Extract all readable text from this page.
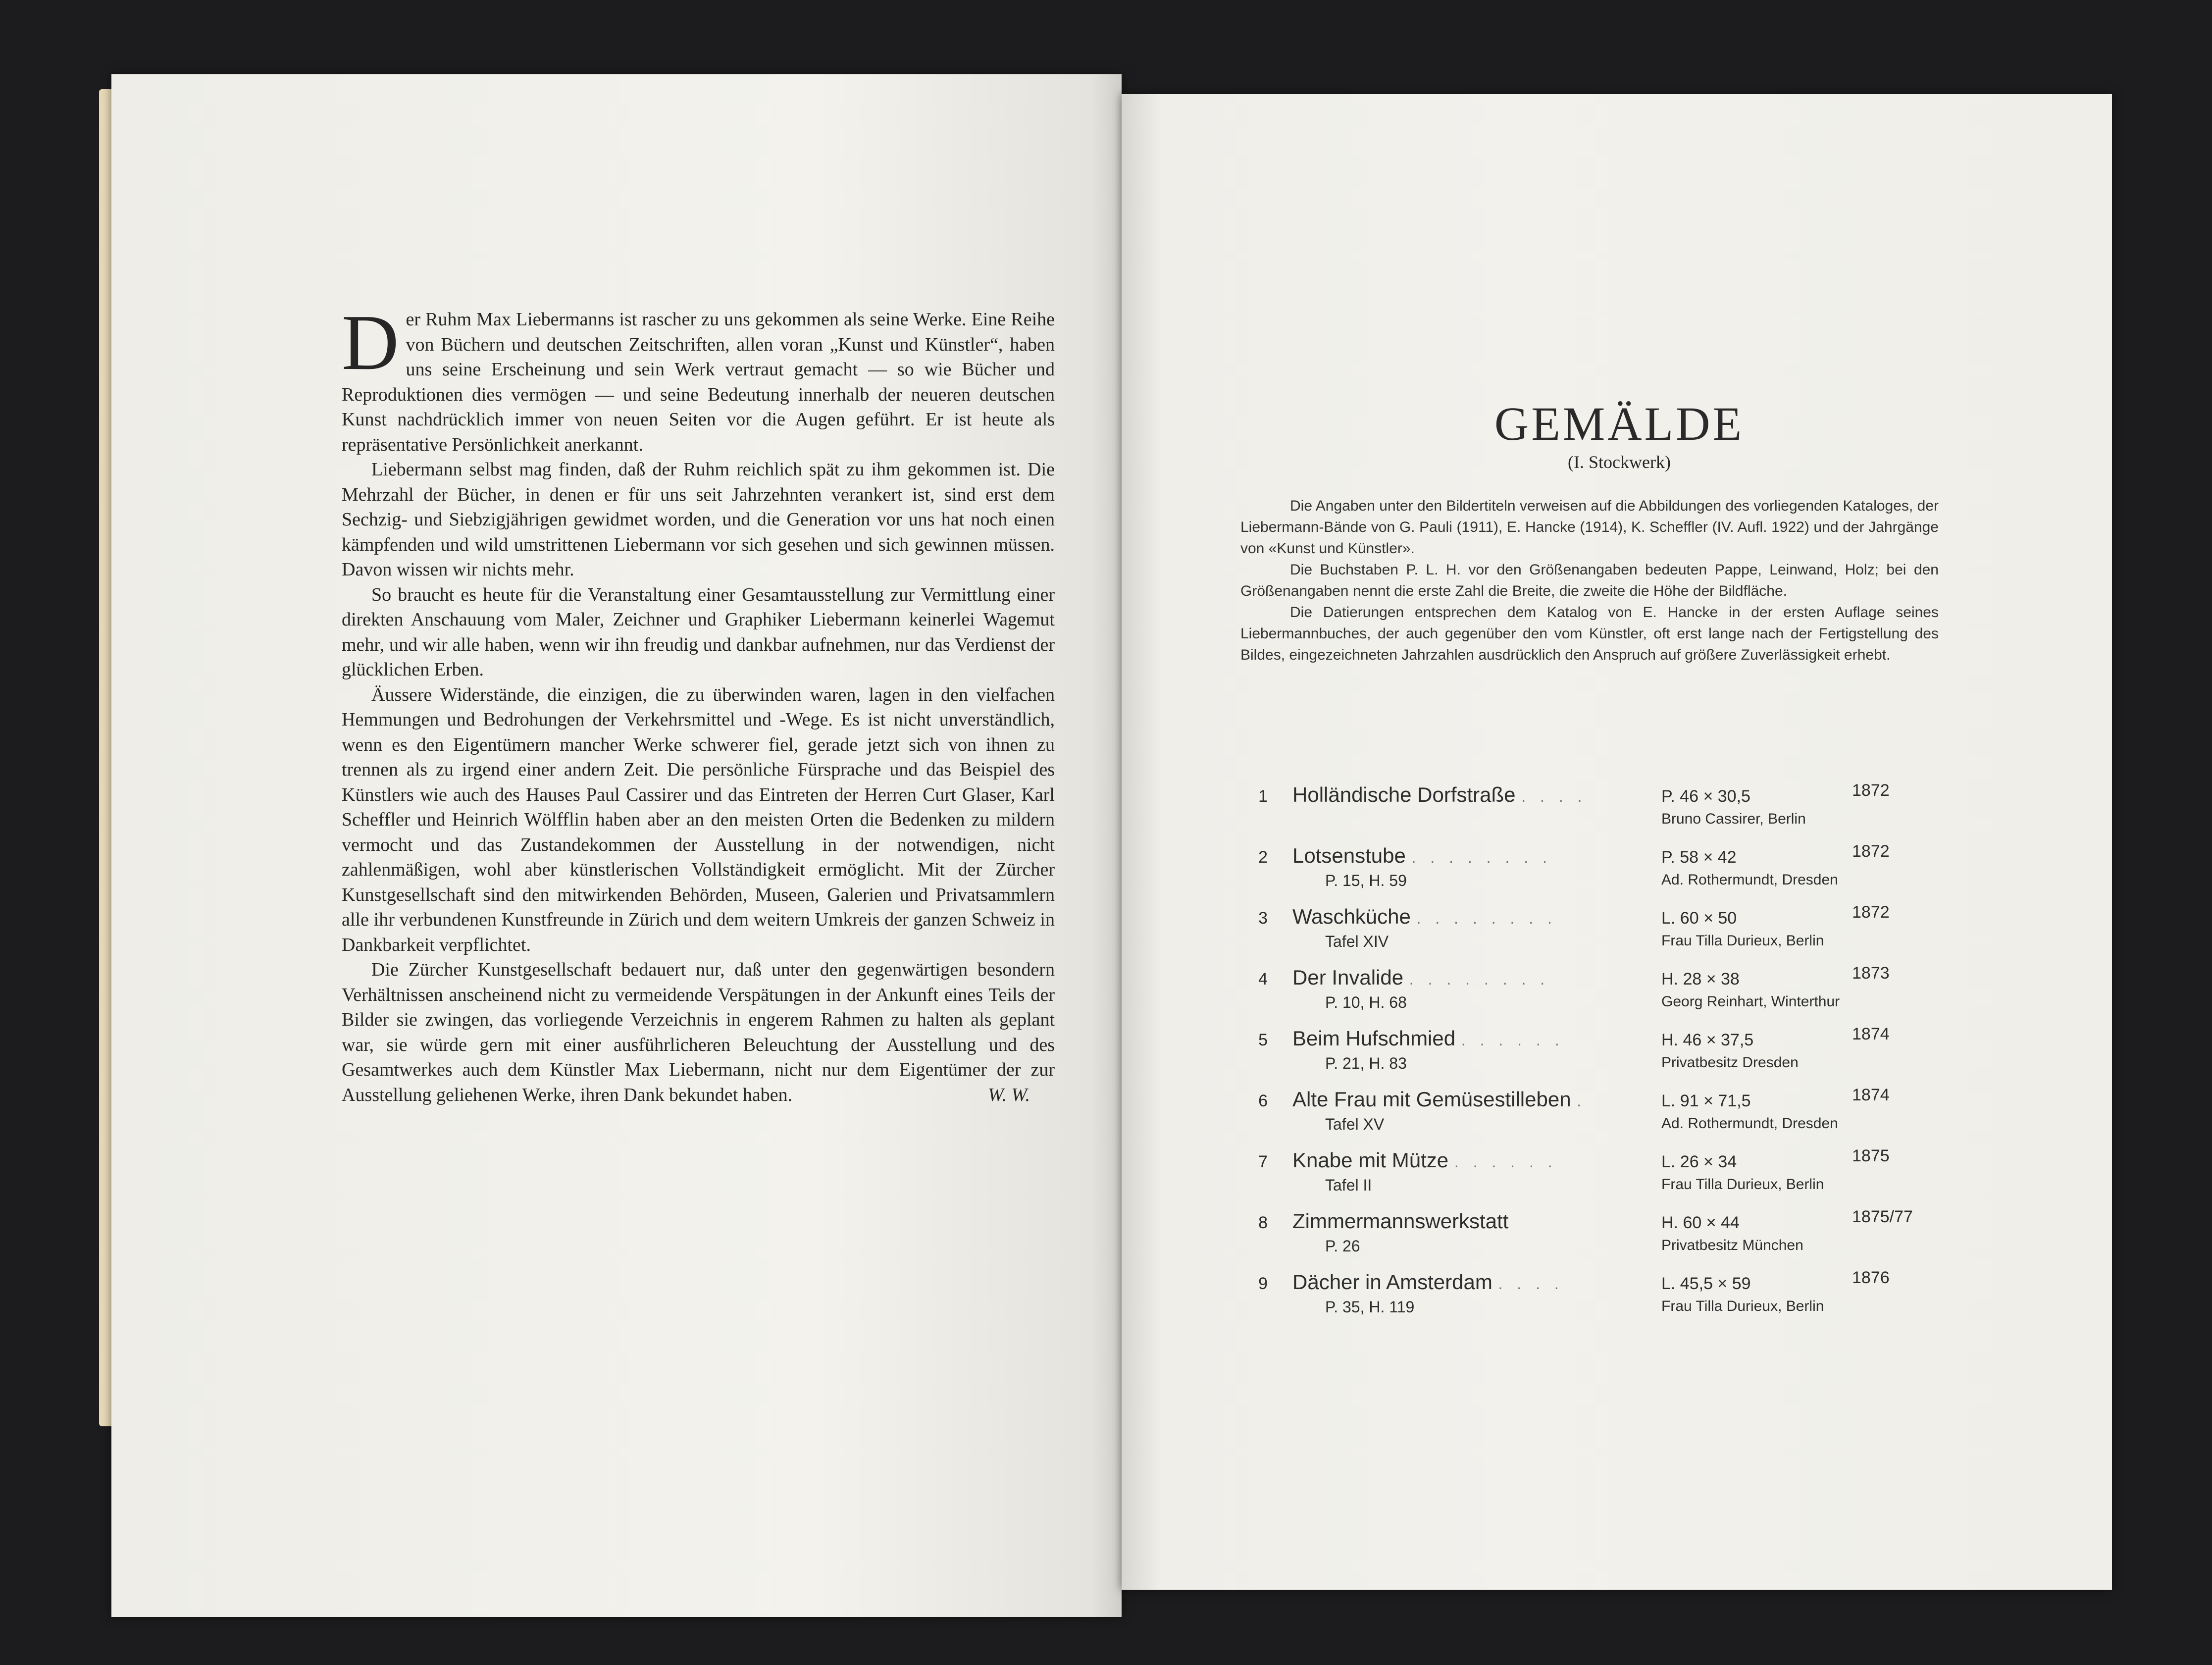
Der Ruhm Max Liebermanns ist rascher zu uns gekommen als seine Werke. Eine Reihe von Büchern und deutschen Zeitschriften, allen voran „Kunst und Künstler“, haben uns seine Erscheinung und sein Werk vertraut gemacht — so wie Bücher und Reproduktionen dies vermögen — und seine Bedeutung innerhalb der neueren deutschen Kunst nachdrücklich immer von neuen Seiten vor die Augen geführt. Er ist heute als repräsentative Persönlichkeit anerkannt.

Liebermann selbst mag finden, daß der Ruhm reichlich spät zu ihm gekommen ist. Die Mehrzahl der Bücher, in denen er für uns seit Jahrzehnten verankert ist, sind erst dem Sechzig- und Siebzigjährigen gewidmet worden, und die Generation vor uns hat noch einen kämpfenden und wild umstrittenen Liebermann vor sich gesehen und sich gewinnen müssen. Davon wissen wir nichts mehr.

So braucht es heute für die Veranstaltung einer Gesamtausstellung zur Vermittlung einer direkten Anschauung vom Maler, Zeichner und Graphiker Liebermann keinerlei Wagemut mehr, und wir alle haben, wenn wir ihn freudig und dankbar aufnehmen, nur das Verdienst der glücklichen Erben.

Äussere Widerstände, die einzigen, die zu überwinden waren, lagen in den vielfachen Hemmungen und Bedrohungen der Verkehrsmittel und -Wege. Es ist nicht unverständlich, wenn es den Eigentümern mancher Werke schwerer fiel, gerade jetzt sich von ihnen zu trennen als zu irgend einer andern Zeit. Die persönliche Fürsprache und das Beispiel des Künstlers wie auch des Hauses Paul Cassirer und das Eintreten der Herren Curt Glaser, Karl Scheffler und Heinrich Wölfflin haben aber an den meisten Orten die Bedenken zu mildern vermocht und das Zustandekommen der Ausstellung in der notwendigen, nicht zahlenmäßigen, wohl aber künstlerischen Vollständigkeit ermöglicht. Mit der Zürcher Kunstgesellschaft sind den mitwirkenden Behörden, Museen, Galerien und Privatsammlern alle ihr verbundenen Kunstfreunde in Zürich und dem weitern Umkreis der ganzen Schweiz in Dankbarkeit verpflichtet.

Die Zürcher Kunstgesellschaft bedauert nur, daß unter den gegenwärtigen besondern Verhältnissen anscheinend nicht zu vermeidende Verspätungen in der Ankunft eines Teils der Bilder sie zwingen, das vorliegende Verzeichnis in engerem Rahmen zu halten als geplant war, sie würde gern mit einer ausführlicheren Beleuchtung der Ausstellung und des Gesamtwerkes auch dem Künstler Max Liebermann, nicht nur dem Eigentümer der zur Ausstellung geliehenen Werke, ihren Dank bekundet haben.	W. W.
GEMÄLDE
(I. Stockwerk)

Die Angaben unter den Bildertiteln verweisen auf die Abbildungen des vorliegenden Kataloges, der Liebermann-Bände von G. Pauli (1911), E. Hancke (1914), K. Scheffler (IV. Aufl. 1922) und der Jahrgänge von «Kunst und Künstler».

Die Buchstaben P. L. H. vor den Größenangaben bedeuten Pappe, Leinwand, Holz; bei den Größenangaben nennt die erste Zahl die Breite, die zweite die Höhe der Bildfläche.

Die Datierungen entsprechen dem Katalog von E. Hancke in der ersten Auflage seines Liebermannbuches, der auch gegenüber den vom Künstler, oft erst lange nach der Fertigstellung des Bildes, eingezeichneten Jahrzahlen ausdrücklich den Anspruch auf größere Zuverlässigkeit erhebt.

1 Holländische Dorfstraße . . . .	P. 46 × 30,5
Bruno Cassirer, Berlin
1872
2 Lotsenstube . . . . . . . .
P. 15, H. 59
P. 58 × 42
Ad. Rothermundt, Dresden
1872
3 Waschküche . . . . . . . .
Tafel XIV
L. 60 × 50
Frau Tilla Durieux, Berlin
1872
4 Der Invalide . . . . . . . .
P. 10, H. 68
H. 28 × 38
Georg Reinhart, Winterthur
1873
5 Beim Hufschmied . . . . . .
P. 21, H. 83
H. 46 × 37,5
Privatbesitz Dresden
1874
6 Alte Frau mit Gemüsestilleben .
Tafel XV
L. 91 × 71,5
Ad. Rothermundt, Dresden
1874
7 Knabe mit Mütze . . . . . .
Tafel II
L. 26 × 34
Frau Tilla Durieux, Berlin
1875
8 Zimmermannswerkstatt
P. 26
H. 60 × 44
Privatbesitz München
1875/77
9 Dächer in Amsterdam . . . .
P. 35, H. 119
L. 45,5 × 59
Frau Tilla Durieux, Berlin
1876
